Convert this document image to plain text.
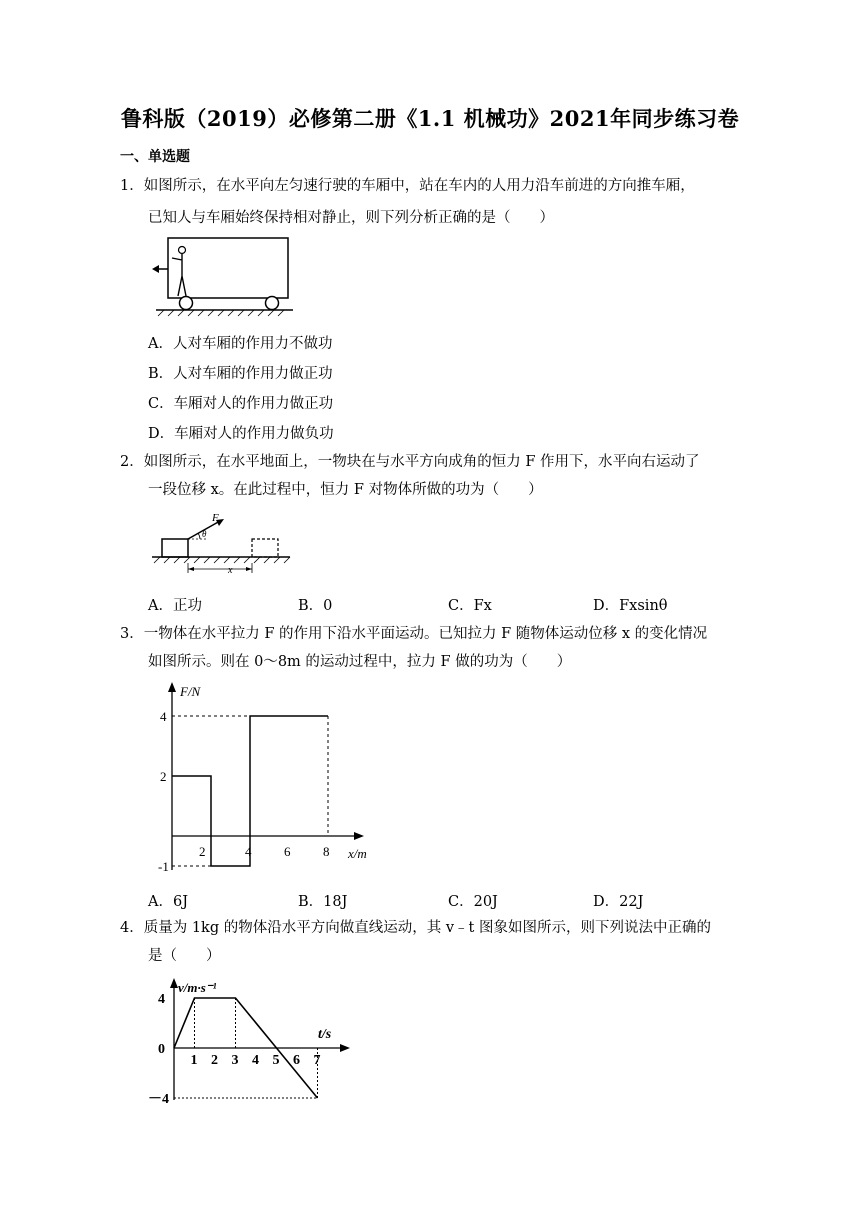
鲁科版（2019）必修第二册《1.1 机械功》2021年同步练习卷
一、单选题
1．如图所示，在水平向左匀速行驶的车厢中，站在车内的人用力沿车前进的方向推车厢，
已知人与车厢始终保持相对静止，则下列分析正确的是（　　）
A．人对车厢的作用力不做功
B．人对车厢的作用力做正功
C．车厢对人的作用力做正功
D．车厢对人的作用力做负功
2．如图所示，在水平地面上，一物块在与水平方向成角的恒力 F 作用下，水平向右运动了
一段位移 x。在此过程中，恒力 F 对物体所做的功为（　　）
F
θ
x
A．正功	B．0	C．Fx	D．Fxsinθ
3．一物体在水平拉力 F 的作用下沿水平面运动。已知拉力 F 随物体运动位移 x 的变化情况
如图所示。则在 0～8m 的运动过程中，拉力 F 做的功为（　　）
F/N
x/m
2	4	6	8
4
2
-1
A．6J	B．18J	C．20J	D．22J
4．质量为 1kg 的物体沿水平方向做直线运动，其 v﹣t 图象如图所示，则下列说法中正确的
是（　　）
v/m·s⁻¹
t/s
1 2 3 4 5 6 7
4
0
－4
